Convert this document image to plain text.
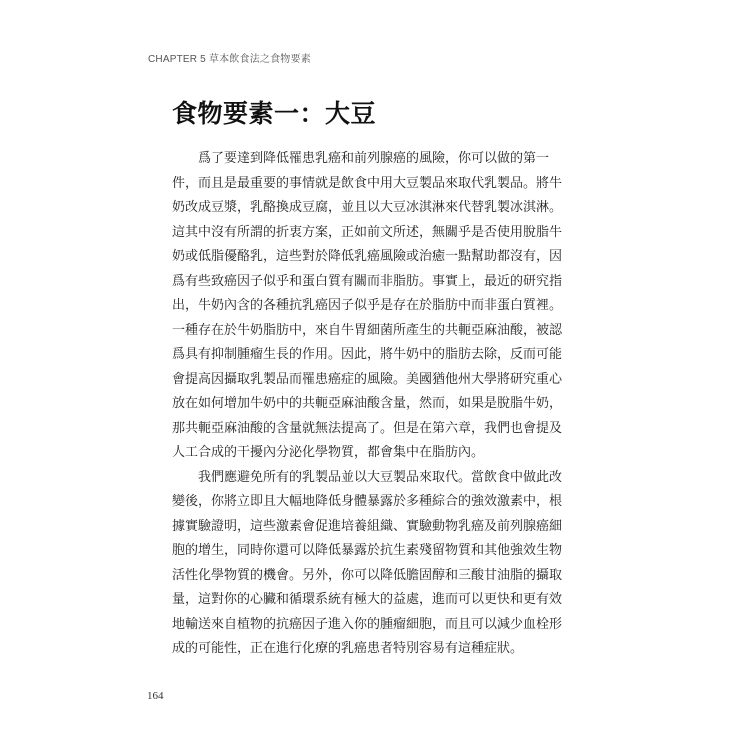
CHAPTER 5 草本飲食法之食物要素
食物要素一：大豆
爲了要達到降低罹患乳癌和前列腺癌的風險，你可以做的第一
件，而且是最重要的事情就是飲食中用大豆製品來取代乳製品。將牛
奶改成豆漿，乳酪換成豆腐，並且以大豆冰淇淋來代替乳製冰淇淋。
這其中沒有所謂的折衷方案，正如前文所述，無關乎是否使用脫脂牛
奶或低脂優酪乳，這些對於降低乳癌風險或治癒一點幫助都沒有，因
爲有些致癌因子似乎和蛋白質有關而非脂肪。事實上，最近的研究指
出，牛奶內含的各種抗乳癌因子似乎是存在於脂肪中而非蛋白質裡。
一種存在於牛奶脂肪中，來自牛胃細菌所產生的共軛亞麻油酸，被認
爲具有抑制腫瘤生長的作用。因此，將牛奶中的脂肪去除，反而可能
會提高因攝取乳製品而罹患癌症的風險。美國猶他州大學將研究重心
放在如何增加牛奶中的共軛亞麻油酸含量，然而，如果是脫脂牛奶，
那共軛亞麻油酸的含量就無法提高了。但是在第六章，我們也會提及
人工合成的干擾內分泌化學物質，都會集中在脂肪內。
我們應避免所有的乳製品並以大豆製品來取代。當飲食中做此改
變後，你將立即且大幅地降低身體暴露於多種綜合的強效激素中，根
據實驗證明，這些激素會促進培養組織、實驗動物乳癌及前列腺癌細
胞的增生，同時你還可以降低暴露於抗生素殘留物質和其他強效生物
活性化學物質的機會。另外，你可以降低膽固醇和三酸甘油脂的攝取
量，這對你的心臟和循環系統有極大的益處，進而可以更快和更有效
地輸送來自植物的抗癌因子進入你的腫瘤細胞，而且可以減少血栓形
成的可能性，正在進行化療的乳癌患者特別容易有這種症狀。
164
